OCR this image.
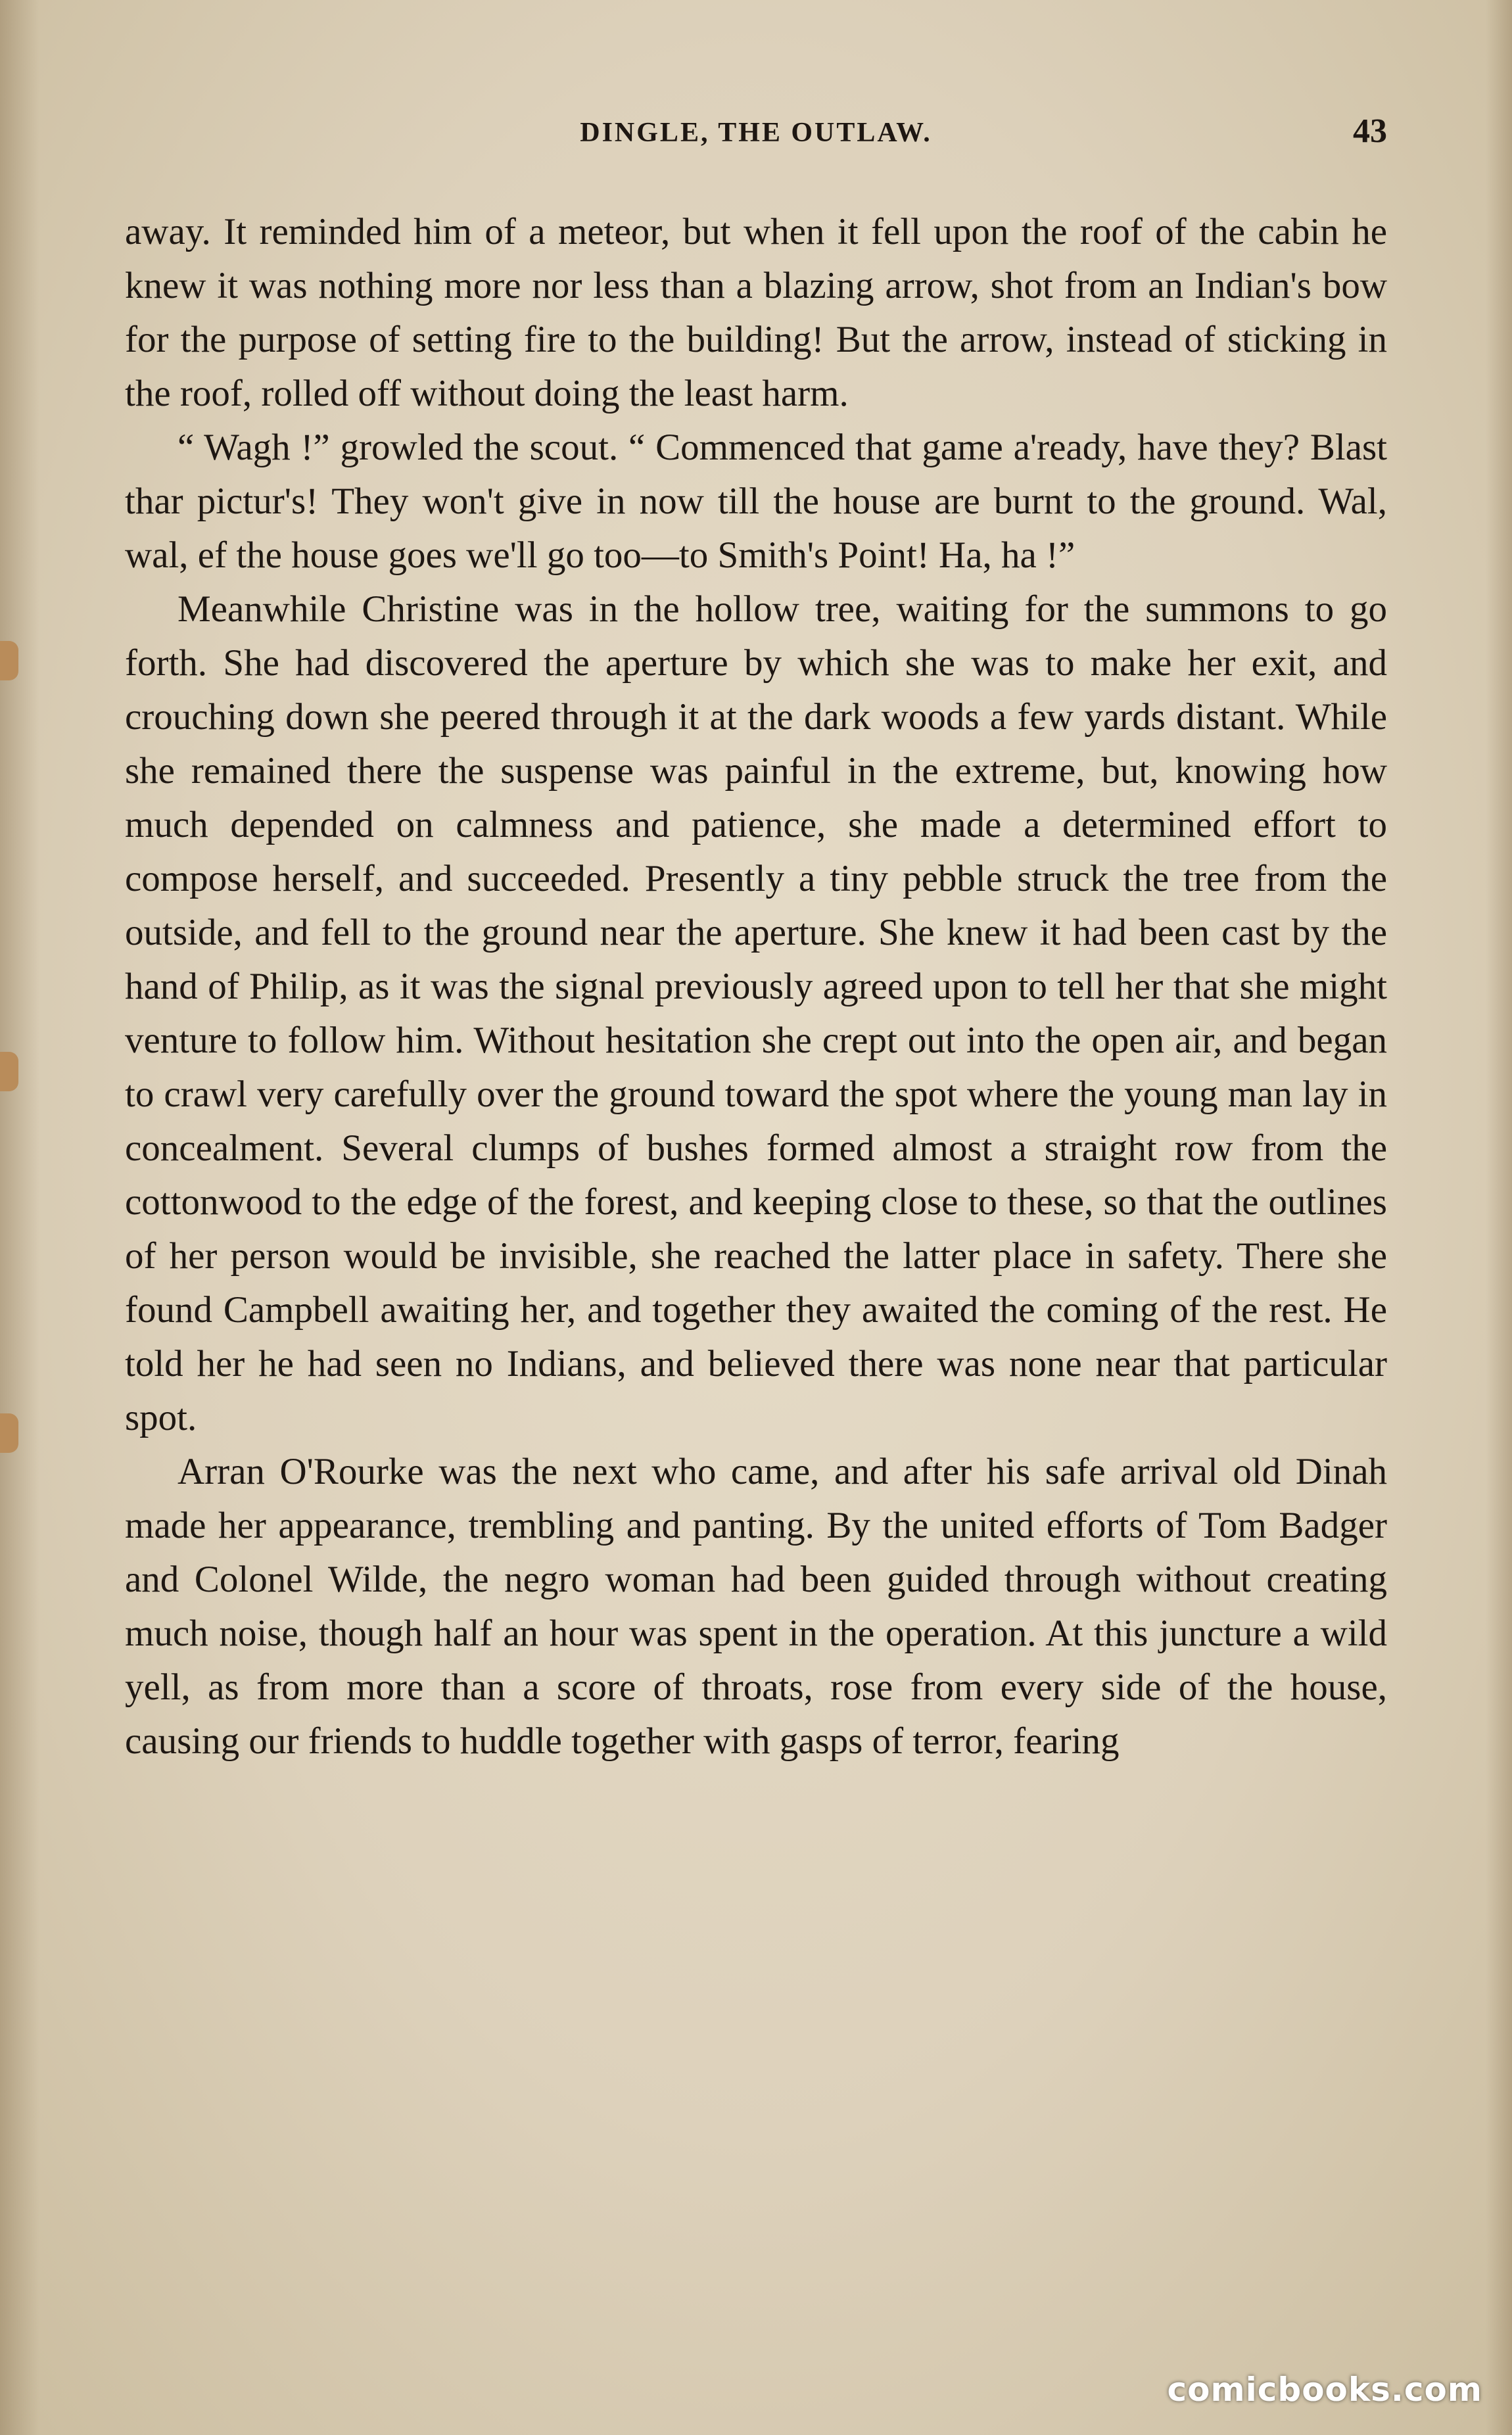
DINGLE, THE OUTLAW.	43

away. It reminded him of a meteor, but when it fell upon the roof of the cabin he knew it was nothing more nor less than a blazing arrow, shot from an Indian's bow for the purpose of setting fire to the building! But the arrow, instead of sticking in the roof, rolled off without doing the least harm.

“ Wagh !” growled the scout. “ Commenced that game a'ready, have they? Blast thar pictur's! They won't give in now till the house are burnt to the ground. Wal, wal, ef the house goes we'll go too—to Smith's Point! Ha, ha !”

Meanwhile Christine was in the hollow tree, waiting for the summons to go forth. She had discovered the aperture by which she was to make her exit, and crouching down she peered through it at the dark woods a few yards distant. While she remained there the suspense was painful in the extreme, but, knowing how much depended on calmness and patience, she made a determined effort to compose herself, and succeeded. Presently a tiny pebble struck the tree from the outside, and fell to the ground near the aperture. She knew it had been cast by the hand of Philip, as it was the signal previously agreed upon to tell her that she might venture to follow him. Without hesitation she crept out into the open air, and began to crawl very carefully over the ground toward the spot where the young man lay in concealment. Several clumps of bushes formed almost a straight row from the cottonwood to the edge of the forest, and keeping close to these, so that the outlines of her person would be invisible, she reached the latter place in safety. There she found Campbell awaiting her, and together they awaited the coming of the rest. He told her he had seen no Indians, and believed there was none near that particular spot.

Arran O'Rourke was the next who came, and after his safe arrival old Dinah made her appearance, trembling and panting. By the united efforts of Tom Badger and Colonel Wilde, the negro woman had been guided through without creating much noise, though half an hour was spent in the operation. At this juncture a wild yell, as from more than a score of throats, rose from every side of the house, causing our friends to huddle together with gasps of terror, fearing

comicbooks.com
